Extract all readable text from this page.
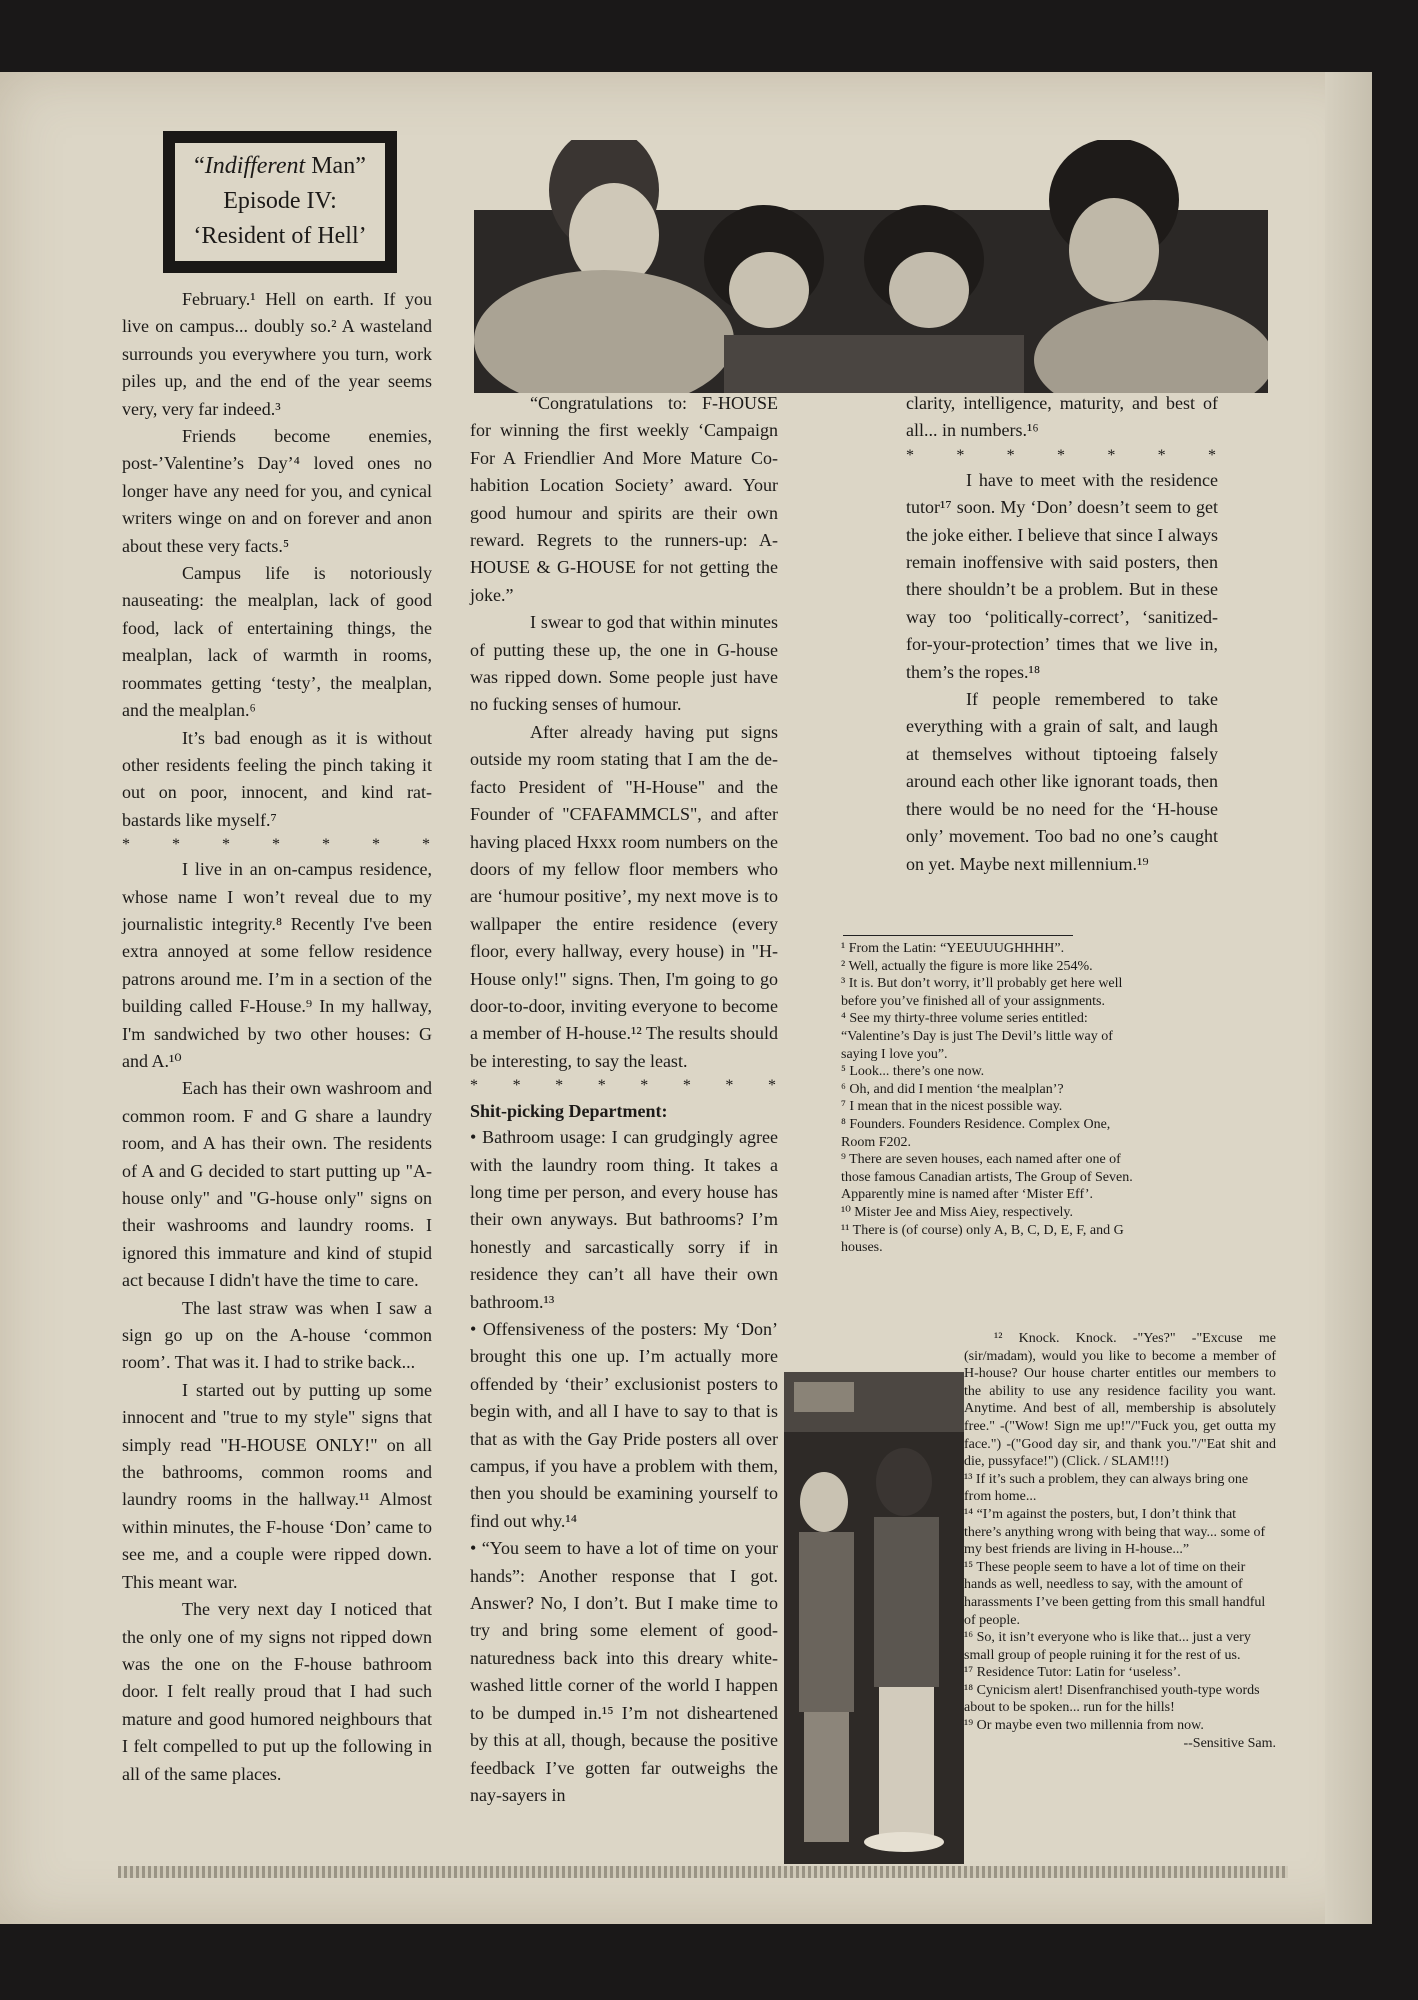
“Indifferent Man”
Episode IV:
‘Resident of Hell’

February.¹ Hell on earth. If you live on campus... doubly so.² A wasteland surrounds you everywhere you turn, work piles up, and the end of the year seems very, very far indeed.³

Friends become enemies, post-’Valentine’s Day’⁴ loved ones no longer have any need for you, and cynical writers winge on and on forever and anon about these very facts.⁵

Campus life is notoriously nauseating: the mealplan, lack of good food, lack of entertaining things, the mealplan, lack of warmth in rooms, roommates getting ‘testy’, the mealplan, and the mealplan.⁶

It’s bad enough as it is without other residents feeling the pinch taking it out on poor, innocent, and kind rat-bastards like myself.⁷

* * * * * * *

I live in an on-campus residence, whose name I won’t reveal due to my journalistic integrity.⁸ Recently I've been extra annoyed at some fellow residence patrons around me. I’m in a section of the building called F-House.⁹ In my hallway, I'm sandwiched by two other houses: G and A.¹⁰

Each has their own washroom and common room. F and G share a laundry room, and A has their own. The residents of A and G decided to start putting up "A-house only" and "G-house only" signs on their washrooms and laundry rooms. I ignored this immature and kind of stupid act because I didn't have the time to care.

The last straw was when I saw a sign go up on the A-house ‘common room’. That was it. I had to strike back...

I started out by putting up some innocent and "true to my style" signs that simply read "H-HOUSE ONLY!" on all the bathrooms, common rooms and laundry rooms in the hallway.¹¹ Almost within minutes, the F-house ‘Don’ came to see me, and a couple were ripped down. This meant war.

The very next day I noticed that the only one of my signs not ripped down was the one on the F-house bathroom door. I felt really proud that I had such mature and good humored neighbours that I felt compelled to put up the following in all of the same places.

“Congratulations to: F-HOUSE for winning the first weekly ‘Campaign For A Friendlier And More Mature Co-habition Location Society’ award. Your good humour and spirits are their own reward. Regrets to the runners-up: A-HOUSE & G-HOUSE for not getting the joke.”

I swear to god that within minutes of putting these up, the one in G-house was ripped down. Some people just have no fucking senses of humour.

After already having put signs outside my room stating that I am the de-facto President of "H-House" and the Founder of "CFAFAMMCLS", and after having placed Hxxx room numbers on the doors of my fellow floor members who are ‘humour positive’, my next move is to wallpaper the entire residence (every floor, every hallway, every house) in "H-House only!" signs. Then, I'm going to go door-to-door, inviting everyone to become a member of H-house.¹² The results should be interesting, to say the least.

* * * * * * * *
Shit-picking Department:

• Bathroom usage: I can grudgingly agree with the laundry room thing. It takes a long time per person, and every house has their own anyways. But bathrooms? I’m honestly and sarcastically sorry if in residence they can’t all have their own bathroom.¹³

• Offensiveness of the posters: My ‘Don’ brought this one up. I’m actually more offended by ‘their’ exclusionist posters to begin with, and all I have to say to that is that as with the Gay Pride posters all over campus, if you have a problem with them, then you should be examining yourself to find out why.¹⁴

• “You seem to have a lot of time on your hands”: Another response that I got. Answer? No, I don’t. But I make time to try and bring some element of good-naturedness back into this dreary white-washed little corner of the world I happen to be dumped in.¹⁵ I’m not disheartened by this at all, though, because the positive feedback I’ve gotten far outweighs the nay-sayers in

clarity, intelligence, maturity, and best of all... in numbers.¹⁶

* * * * * * *

I have to meet with the residence tutor¹⁷ soon. My ‘Don’ doesn’t seem to get the joke either. I believe that since I always remain inoffensive with said posters, then there shouldn’t be a problem. But in these way too ‘politically-correct’, ‘sanitized-for-your-protection’ times that we live in, them’s the ropes.¹⁸

If people remembered to take everything with a grain of salt, and laugh at themselves without tiptoeing falsely around each other like ignorant toads, then there would be no need for the ‘H-house only’ movement. Too bad no one’s caught on yet. Maybe next millennium.¹⁹

¹ From the Latin: “YEEUUUGHHHH”.

² Well, actually the figure is more like 254%.

³ It is. But don’t worry, it’ll probably get here well before you’ve finished all of your assignments.

⁴ See my thirty-three volume series entitled: “Valentine’s Day is just The Devil’s little way of saying I love you”.

⁵ Look... there’s one now.

⁶ Oh, and did I mention ‘the mealplan’?

⁷ I mean that in the nicest possible way.

⁸ Founders. Founders Residence. Complex One, Room F202.

⁹ There are seven houses, each named after one of those famous Canadian artists, The Group of Seven. Apparently mine is named after ‘Mister Eff’.

¹⁰ Mister Jee and Miss Aiey, respectively.

¹¹ There is (of course) only A, B, C, D, E, F, and G houses.

¹² Knock. Knock. -"Yes?" -"Excuse me (sir/madam), would you like to become a member of H-house? Our house charter entitles our members to the ability to use any residence facility you want. Anytime. And best of all, membership is absolutely free." -("Wow! Sign me up!"/"Fuck you, get outta my face.") -("Good day sir, and thank you."/"Eat shit and die, pussyface!") (Click. / SLAM!!!)

¹³ If it’s such a problem, they can always bring one from home...

¹⁴ “I’m against the posters, but, I don’t think that there’s anything wrong with being that way... some of my best friends are living in H-house...”

¹⁵ These people seem to have a lot of time on their hands as well, needless to say, with the amount of harassments I’ve been getting from this small handful of people.

¹⁶ So, it isn’t everyone who is like that... just a very small group of people ruining it for the rest of us.

¹⁷ Residence Tutor: Latin for ‘useless’.

¹⁸ Cynicism alert! Disenfranchised youth-type words about to be spoken... run for the hills!

¹⁹ Or maybe even two millennia from now.

--Sensitive Sam.
